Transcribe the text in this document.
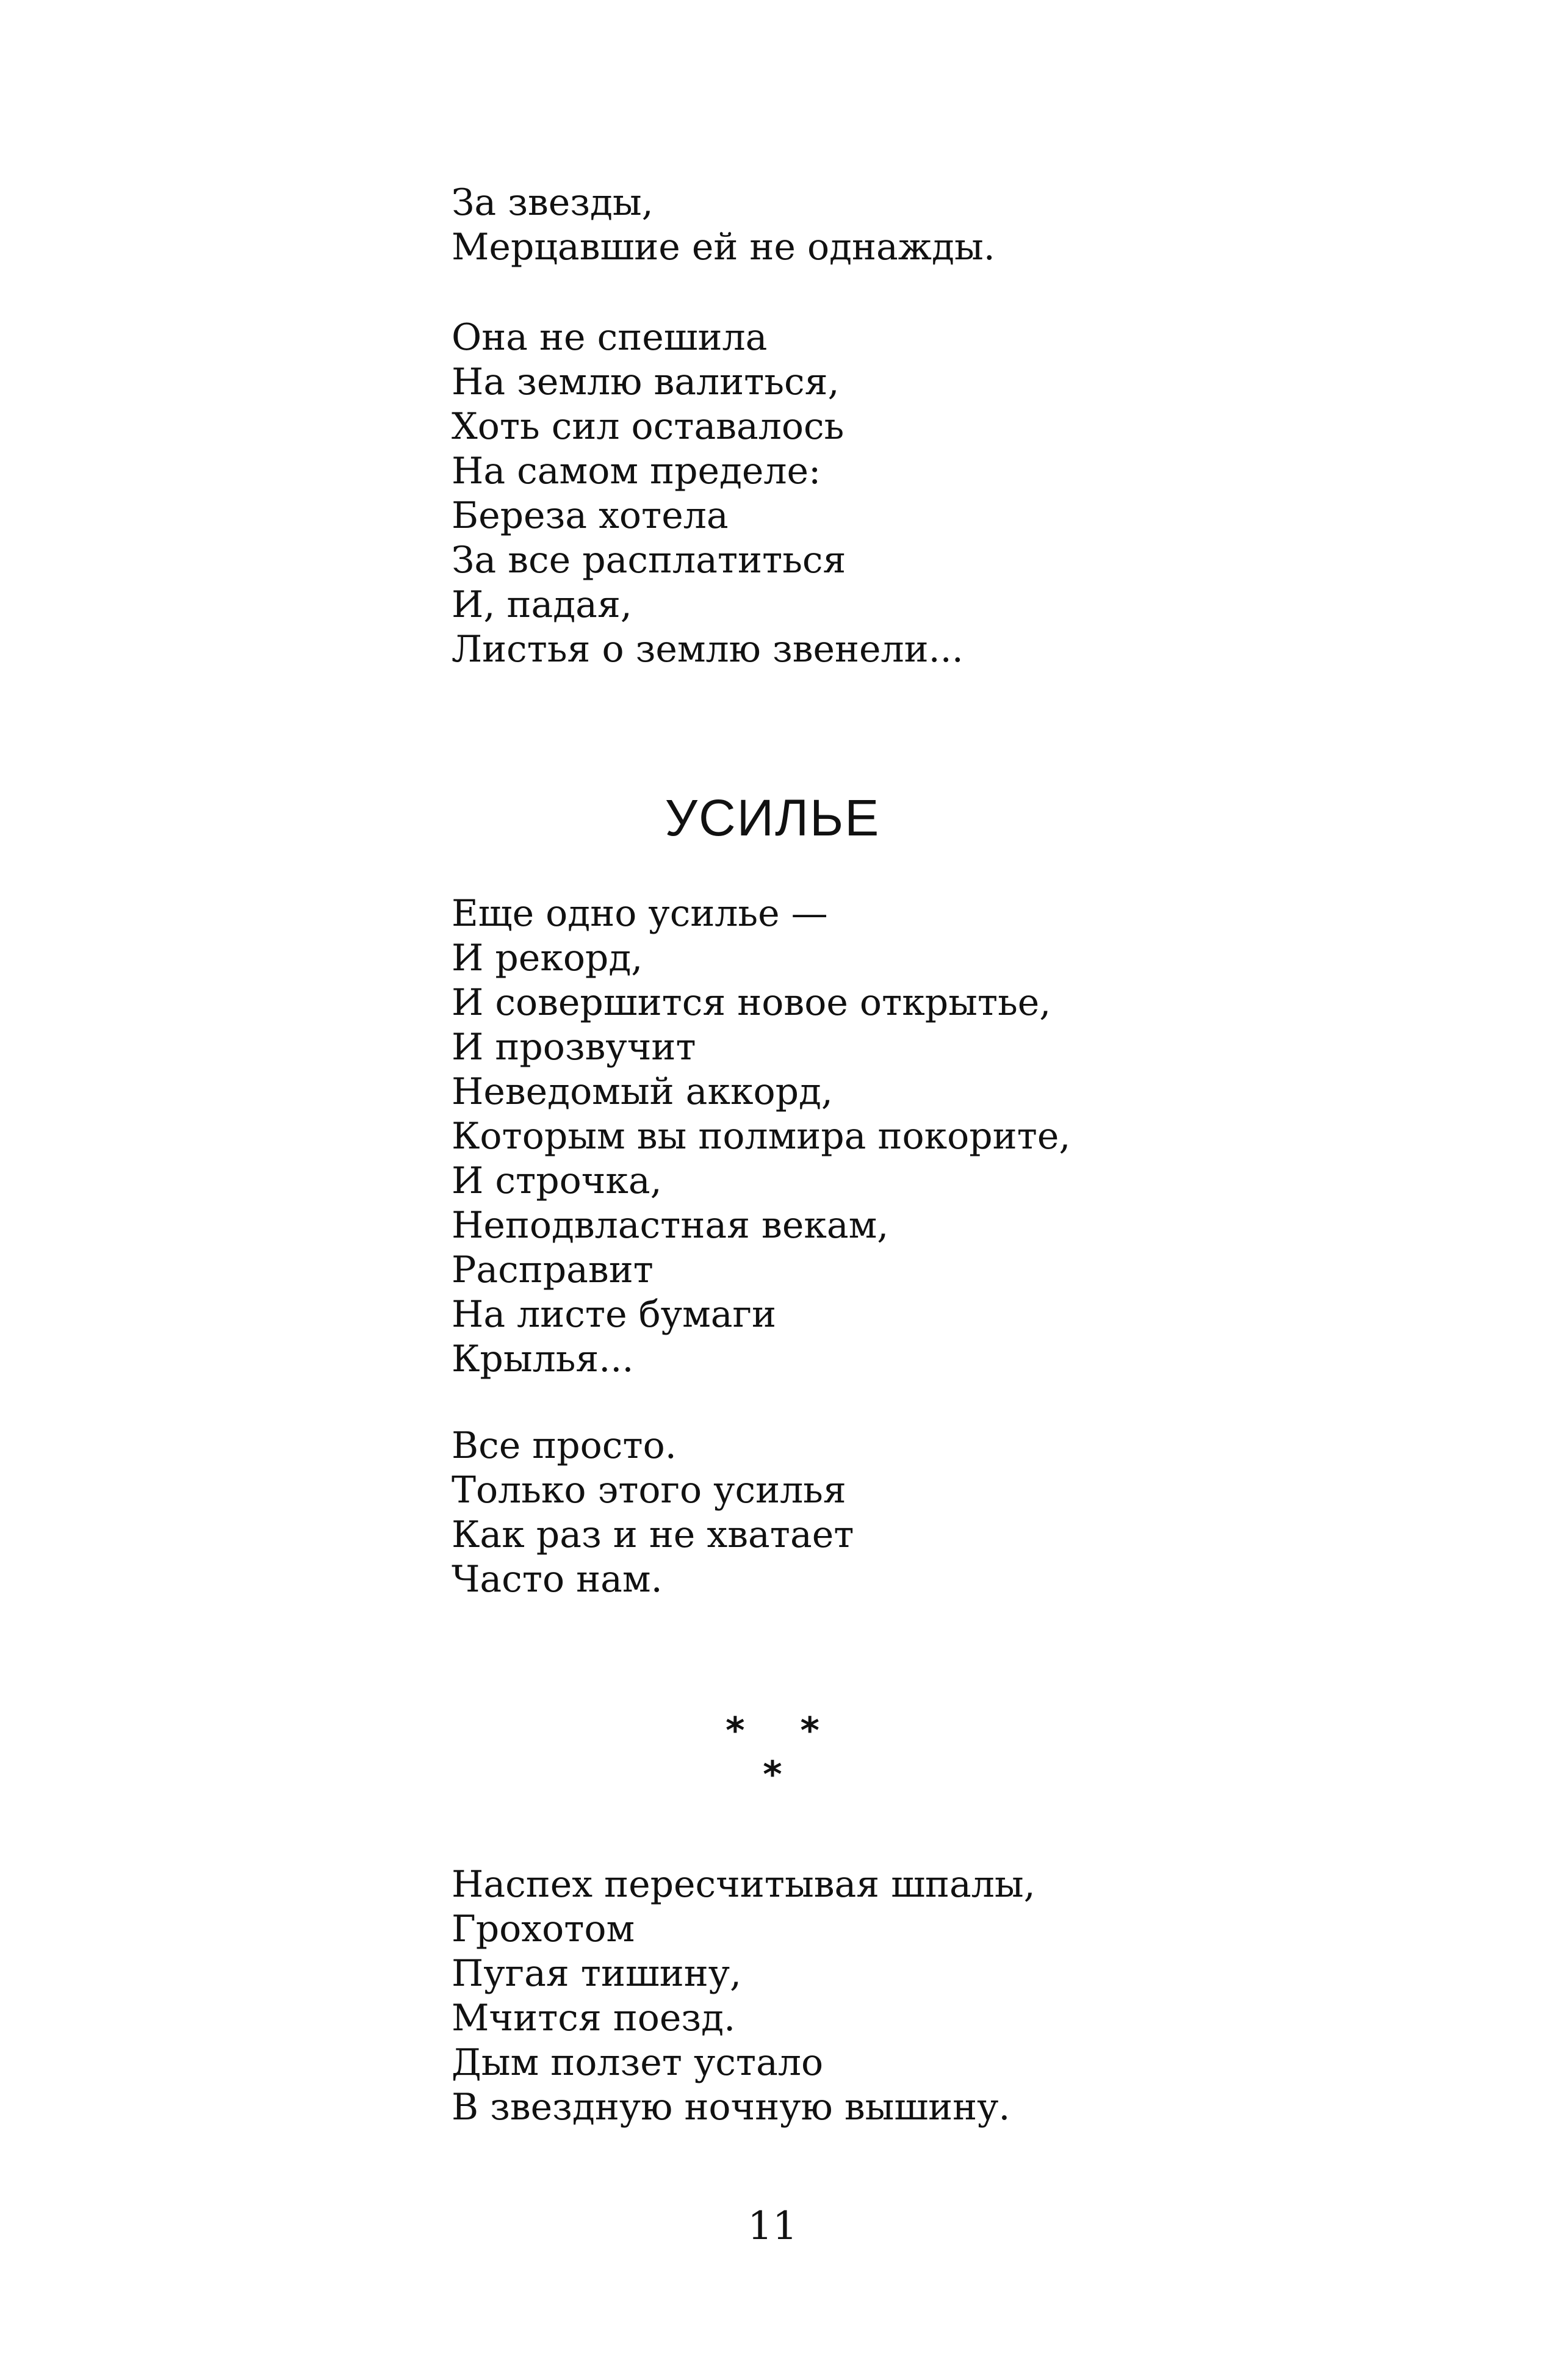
За звезды,
Мерцавшие ей не однажды.
Она не спешила
На землю валиться,
Хоть сил оставалось
На самом пределе:
Береза хотела
За все расплатиться
И, падая,
Листья о землю звенели...
УСИЛЬЕ
Еще одно усилье —
И рекорд,
И совершится новое открытье,
И прозвучит
Неведомый аккорд,
Которым вы полмира покорите,
И строчка,
Неподвластная векам,
Расправит
На листе бумаги
Крылья...
Все просто.
Только этого усилья
Как раз и не хватает
Часто нам.
* *
*
Наспех пересчитывая шпалы,
Грохотом
Пугая тишину,
Мчится поезд.
Дым ползет устало
В звездную ночную вышину.
11
